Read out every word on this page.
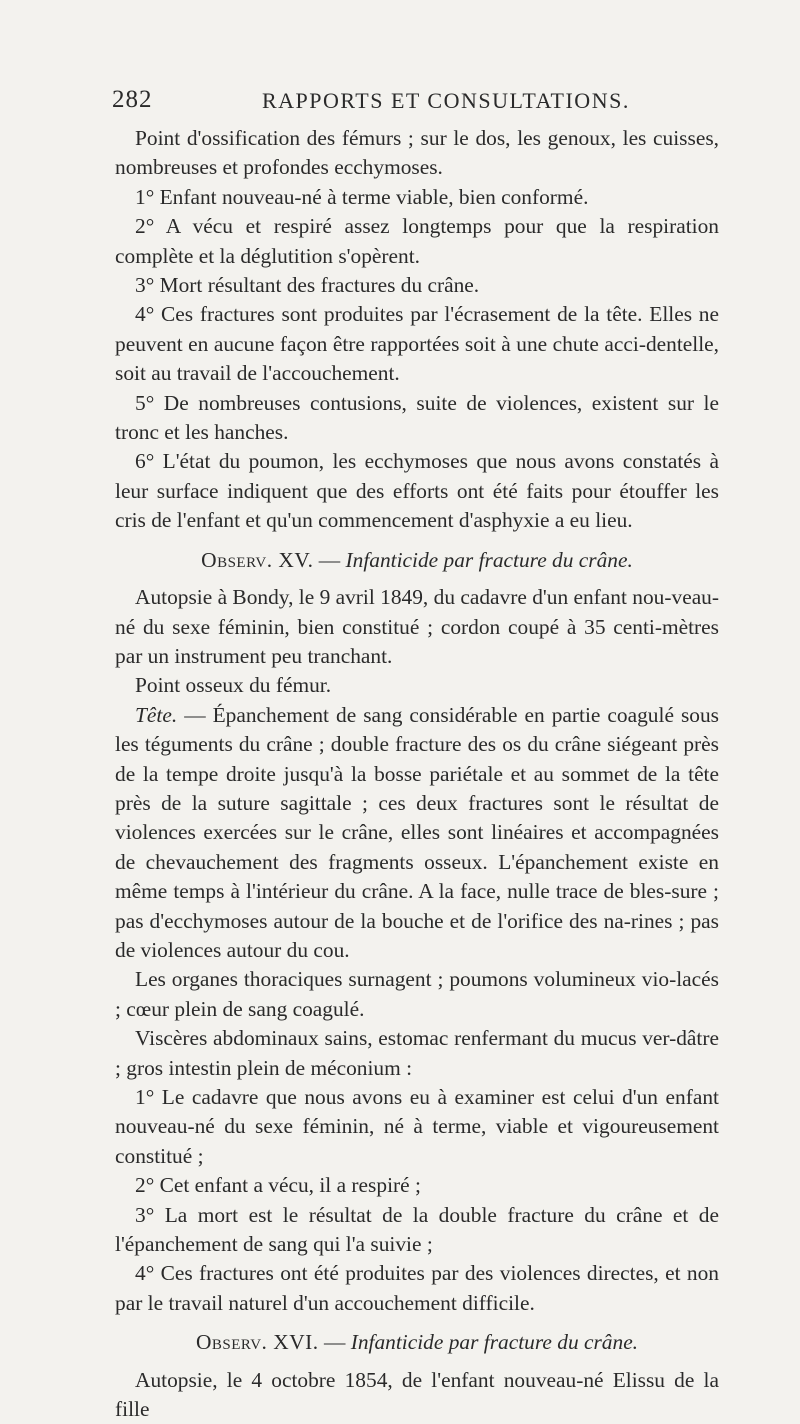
282	RAPPORTS ET CONSULTATIONS.

Point d'ossification des fémurs ; sur le dos, les genoux, les cuisses, nombreuses et profondes ecchymoses.

1° Enfant nouveau-né à terme viable, bien conformé.

2° A vécu et respiré assez longtemps pour que la respiration complète et la déglutition s'opèrent.

3° Mort résultant des fractures du crâne.

4° Ces fractures sont produites par l'écrasement de la tête. Elles ne peuvent en aucune façon être rapportées soit à une chute acci-dentelle, soit au travail de l'accouchement.

5° De nombreuses contusions, suite de violences, existent sur le tronc et les hanches.

6° L'état du poumon, les ecchymoses que nous avons constatés à leur surface indiquent que des efforts ont été faits pour étouffer les cris de l'enfant et qu'un commencement d'asphyxie a eu lieu.

Observ. XV. — Infanticide par fracture du crâne.

Autopsie à Bondy, le 9 avril 1849, du cadavre d'un enfant nou-veau-né du sexe féminin, bien constitué ; cordon coupé à 35 centi-mètres par un instrument peu tranchant.

Point osseux du fémur.

Tête. — Épanchement de sang considérable en partie coagulé sous les téguments du crâne ; double fracture des os du crâne siégeant près de la tempe droite jusqu'à la bosse pariétale et au sommet de la tête près de la suture sagittale ; ces deux fractures sont le résultat de violences exercées sur le crâne, elles sont linéaires et accompagnées de chevauchement des fragments osseux. L'épanchement existe en même temps à l'intérieur du crâne. A la face, nulle trace de bles-sure ; pas d'ecchymoses autour de la bouche et de l'orifice des na-rines ; pas de violences autour du cou.

Les organes thoraciques surnagent ; poumons volumineux vio-lacés ; cœur plein de sang coagulé.

Viscères abdominaux sains, estomac renfermant du mucus ver-dâtre ; gros intestin plein de méconium :

1° Le cadavre que nous avons eu à examiner est celui d'un enfant nouveau-né du sexe féminin, né à terme, viable et vigoureusement constitué ;

2° Cet enfant a vécu, il a respiré ;

3° La mort est le résultat de la double fracture du crâne et de l'épanchement de sang qui l'a suivie ;

4° Ces fractures ont été produites par des violences directes, et non par le travail naturel d'un accouchement difficile.

Observ. XVI. — Infanticide par fracture du crâne.

Autopsie, le 4 octobre 1854, de l'enfant nouveau-né Elissu de la fille
